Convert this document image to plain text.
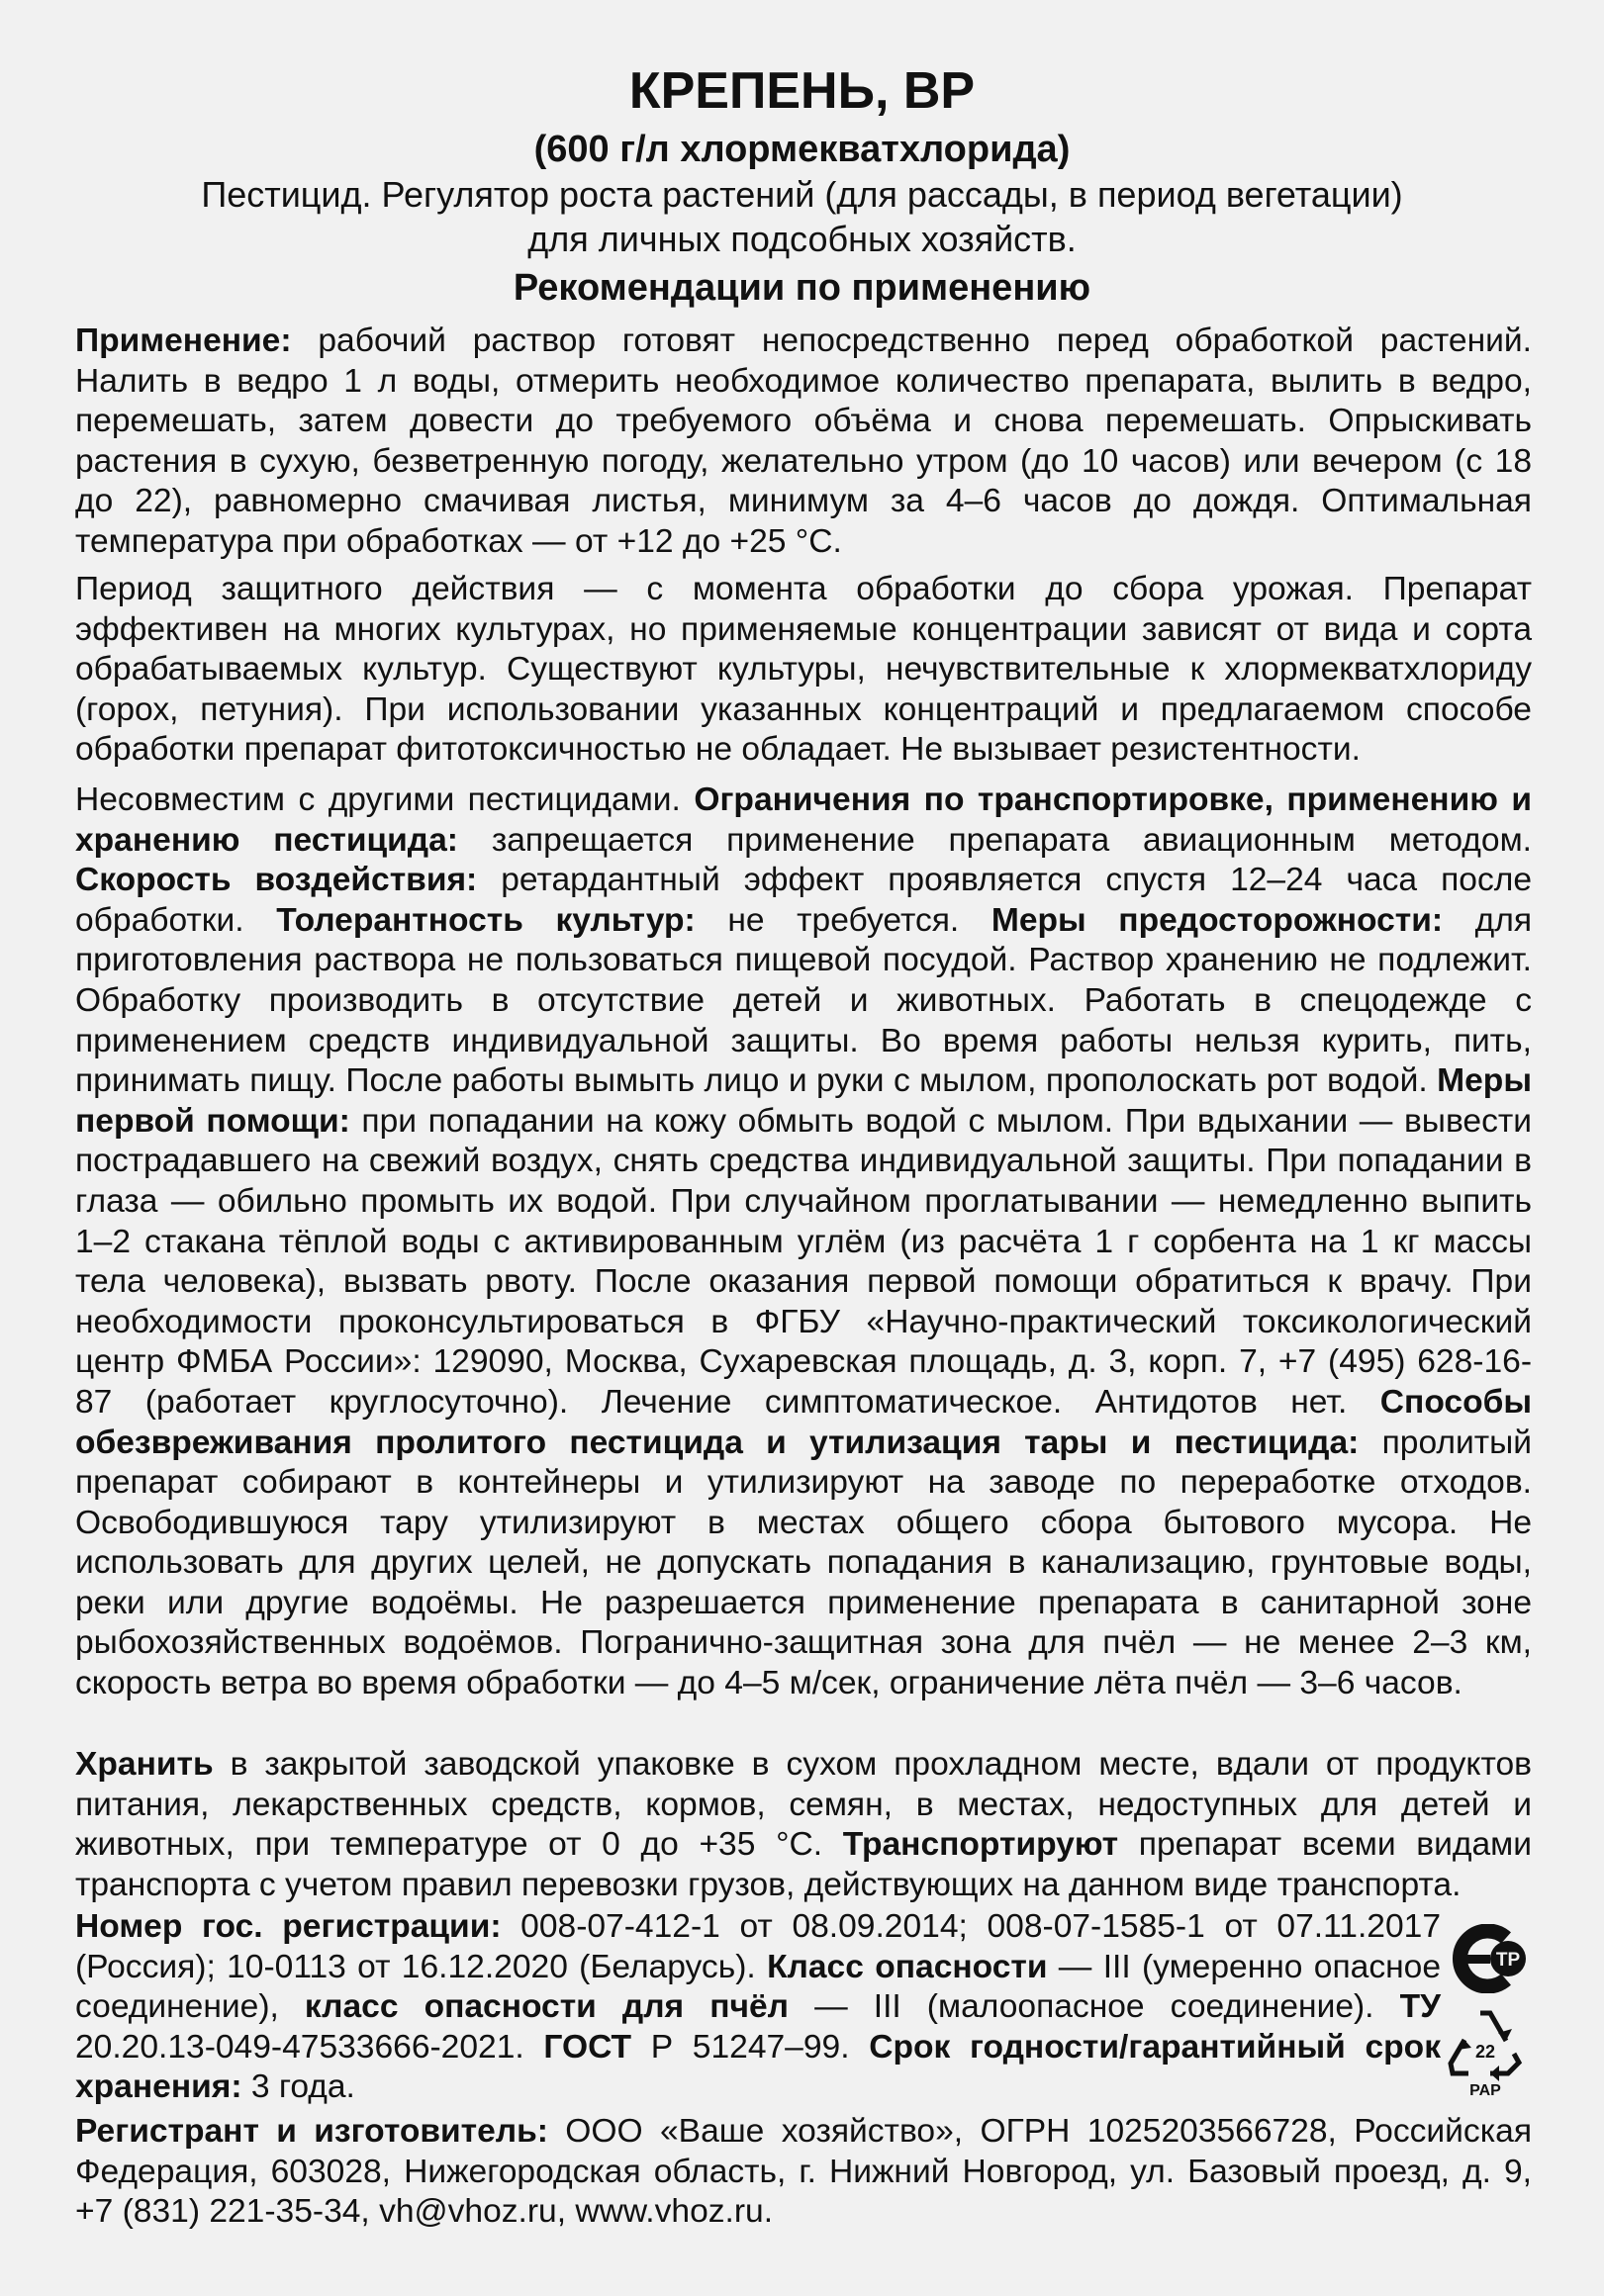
КРЕПЕНЬ, ВР
(600 г/л хлормекватхлорида)
Пестицид. Регулятор роста растений (для рассады, в период вегетации)
для личных подсобных хозяйств.
Рекомендации по применению
Применение: рабочий раствор готовят непосредственно перед обработкой растений. Налить в ведро 1 л воды, отмерить необходимое количество препарата, вылить в ведро, перемешать, затем довести до требуемого объёма и снова перемешать. Опрыскивать растения в сухую, безветренную погоду, желательно утром (до 10 часов) или вечером (с 18 до 22), равномерно смачивая листья, минимум за 4–6 часов до дождя. Оптимальная температура при обработках — от +12 до +25 °С.
Период защитного действия — с момента обработки до сбора урожая. Препарат эффективен на многих культурах, но применяемые концентрации зависят от вида и сорта обрабатываемых культур. Существуют культуры, нечувствительные к хлормекватхлориду (горох, петуния). При использовании указанных концентраций и предлагаемом способе обработки препарат фитотоксичностью не обладает. Не вызывает резистентности.
Несовместим с другими пестицидами. Ограничения по транспортировке, применению и хранению пестицида: запрещается применение препарата авиационным методом. Скорость воздействия: ретардантный эффект проявляется спустя 12–24 часа после обработки. Толерантность культур: не требуется. Меры предосторожности: для приготовления раствора не пользоваться пищевой посудой. Раствор хранению не подлежит. Обработку производить в отсутствие детей и животных. Работать в спецодежде с применением средств индивидуальной защиты. Во время работы нельзя курить, пить, принимать пищу. После работы вымыть лицо и руки с мылом, прополоскать рот водой. Меры первой помощи: при попадании на кожу обмыть водой с мылом. При вдыхании — вывести пострадавшего на свежий воздух, снять средства индивидуальной защиты. При попадании в глаза — обильно промыть их водой. При случайном проглатывании — немедленно выпить 1–2 стакана тёплой воды с активированным углём (из расчёта 1 г сорбента на 1 кг массы тела человека), вызвать рвоту. После оказания первой помощи обратиться к врачу. При необходимости проконсультироваться в ФГБУ «Научно-практический токсикологический центр ФМБА России»: 129090, Москва, Сухаревская площадь, д. 3, корп. 7, +7 (495) 628-16-87 (работает круглосуточно). Лечение симптоматическое. Антидотов нет. Способы обезвреживания пролитого пестицида и утилизация тары и пестицида: пролитый препарат собирают в контейнеры и утилизируют на заводе по переработке отходов. Освободившуюся тару утилизируют в местах общего сбора бытового мусора. Не использовать для других целей, не допускать попадания в канализацию, грунтовые воды, реки или другие водоёмы. Не разрешается применение препарата в санитарной зоне рыбохозяйственных водоёмов. Погранично-защитная зона для пчёл — не менее 2–3 км, скорость ветра во время обработки — до 4–5 м/сек, ограничение лёта пчёл — 3–6 часов.
Хранить в закрытой заводской упаковке в сухом прохладном месте, вдали от продуктов питания, лекарственных средств, кормов, семян, в местах, недоступных для детей и животных, при температуре от 0 до +35 °С. Транспортируют препарат всеми видами транспорта с учетом правил перевозки грузов, действующих на данном виде транспорта.
Номер гос. регистрации: 008-07-412-1 от 08.09.2014; 008-07-1585-1 от 07.11.2017 (Россия); 10-0113 от 16.12.2020 (Беларусь). Класс опасности — III (умеренно опасное соединение), класс опасности для пчёл — III (малоопасное соединение). ТУ 20.20.13-049-47533666-2021. ГОСТ Р 51247–99. Срок годности/гарантийный срок хранения: 3 года.
ТР
22
PAP
Регистрант и изготовитель: ООО «Ваше хозяйство», ОГРН 1025203566728, Российская Федерация, 603028, Нижегородская область, г. Нижний Новгород, ул. Базовый проезд, д. 9, +7 (831) 221-35-34, vh@vhoz.ru, www.vhoz.ru.
